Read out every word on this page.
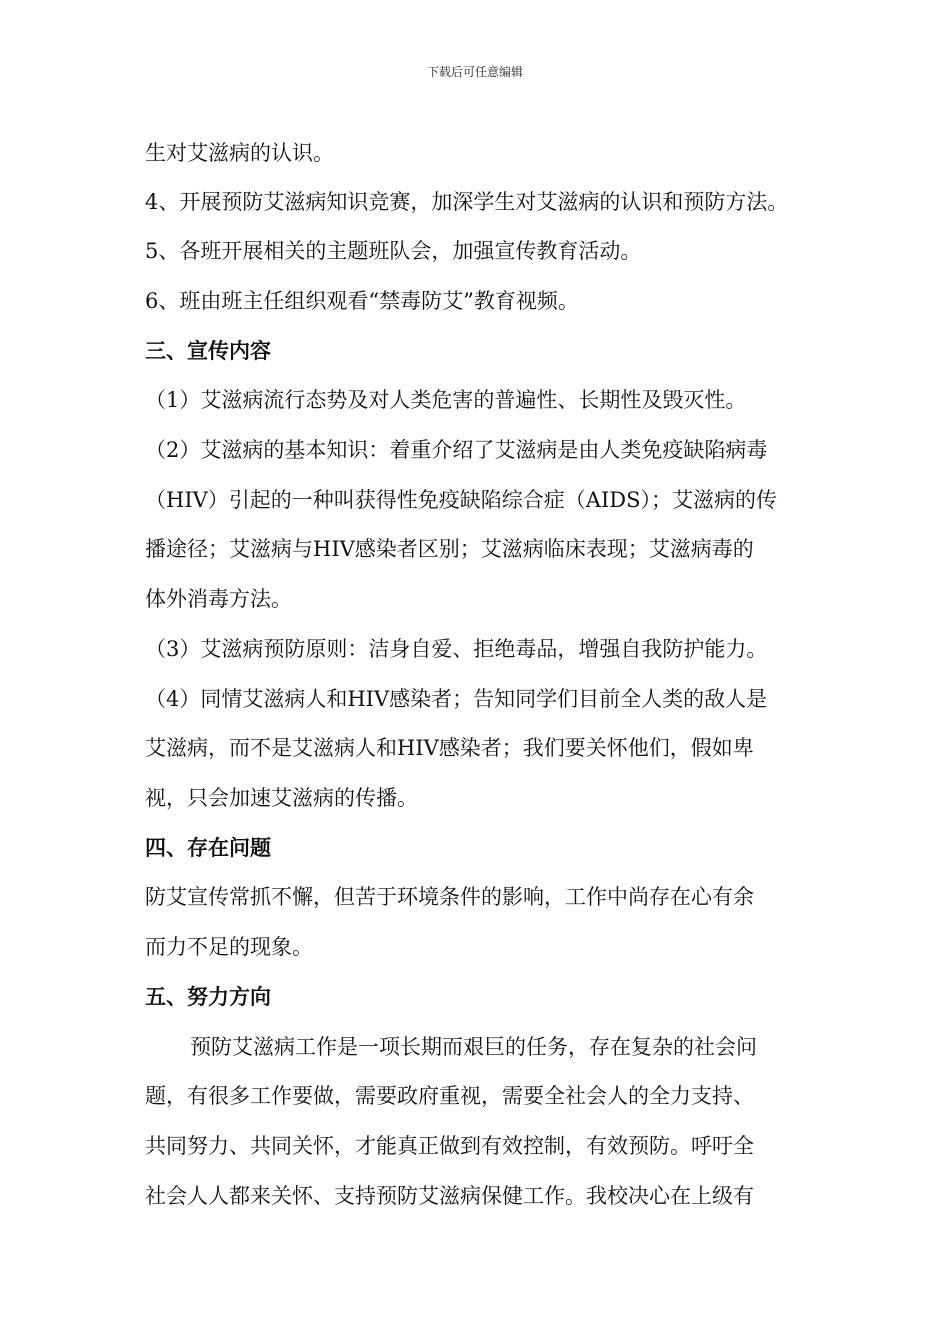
下载后可任意编辑
生对艾滋病的认识。
4、开展预防艾滋病知识竞赛，加深学生对艾滋病的认识和预防方法。
5、各班开展相关的主题班队会，加强宣传教育活动。
6、班由班主任组织观看“禁毒防艾”教育视频。
三、宣传内容
（1）艾滋病流行态势及对人类危害的普遍性、长期性及毁灭性。
（2）艾滋病的基本知识：着重介绍了艾滋病是由人类免疫缺陷病毒
（HIV）引起的一种叫获得性免疫缺陷综合症（AIDS）；艾滋病的传
播途径；艾滋病与HIV感染者区别；艾滋病临床表现；艾滋病毒的
体外消毒方法。
（3）艾滋病预防原则：洁身自爱、拒绝毒品，增强自我防护能力。
（4）同情艾滋病人和HIV感染者；告知同学们目前全人类的敌人是
艾滋病，而不是艾滋病人和HIV感染者；我们要关怀他们，假如卑
视，只会加速艾滋病的传播。
四、存在问题
防艾宣传常抓不懈，但苦于环境条件的影响，工作中尚存在心有余
而力不足的现象。
五、努力方向
预防艾滋病工作是一项长期而艰巨的任务，存在复杂的社会问
题，有很多工作要做，需要政府重视，需要全社会人的全力支持、
共同努力、共同关怀，才能真正做到有效控制，有效预防。呼吁全
社会人人都来关怀、支持预防艾滋病保健工作。我校决心在上级有
